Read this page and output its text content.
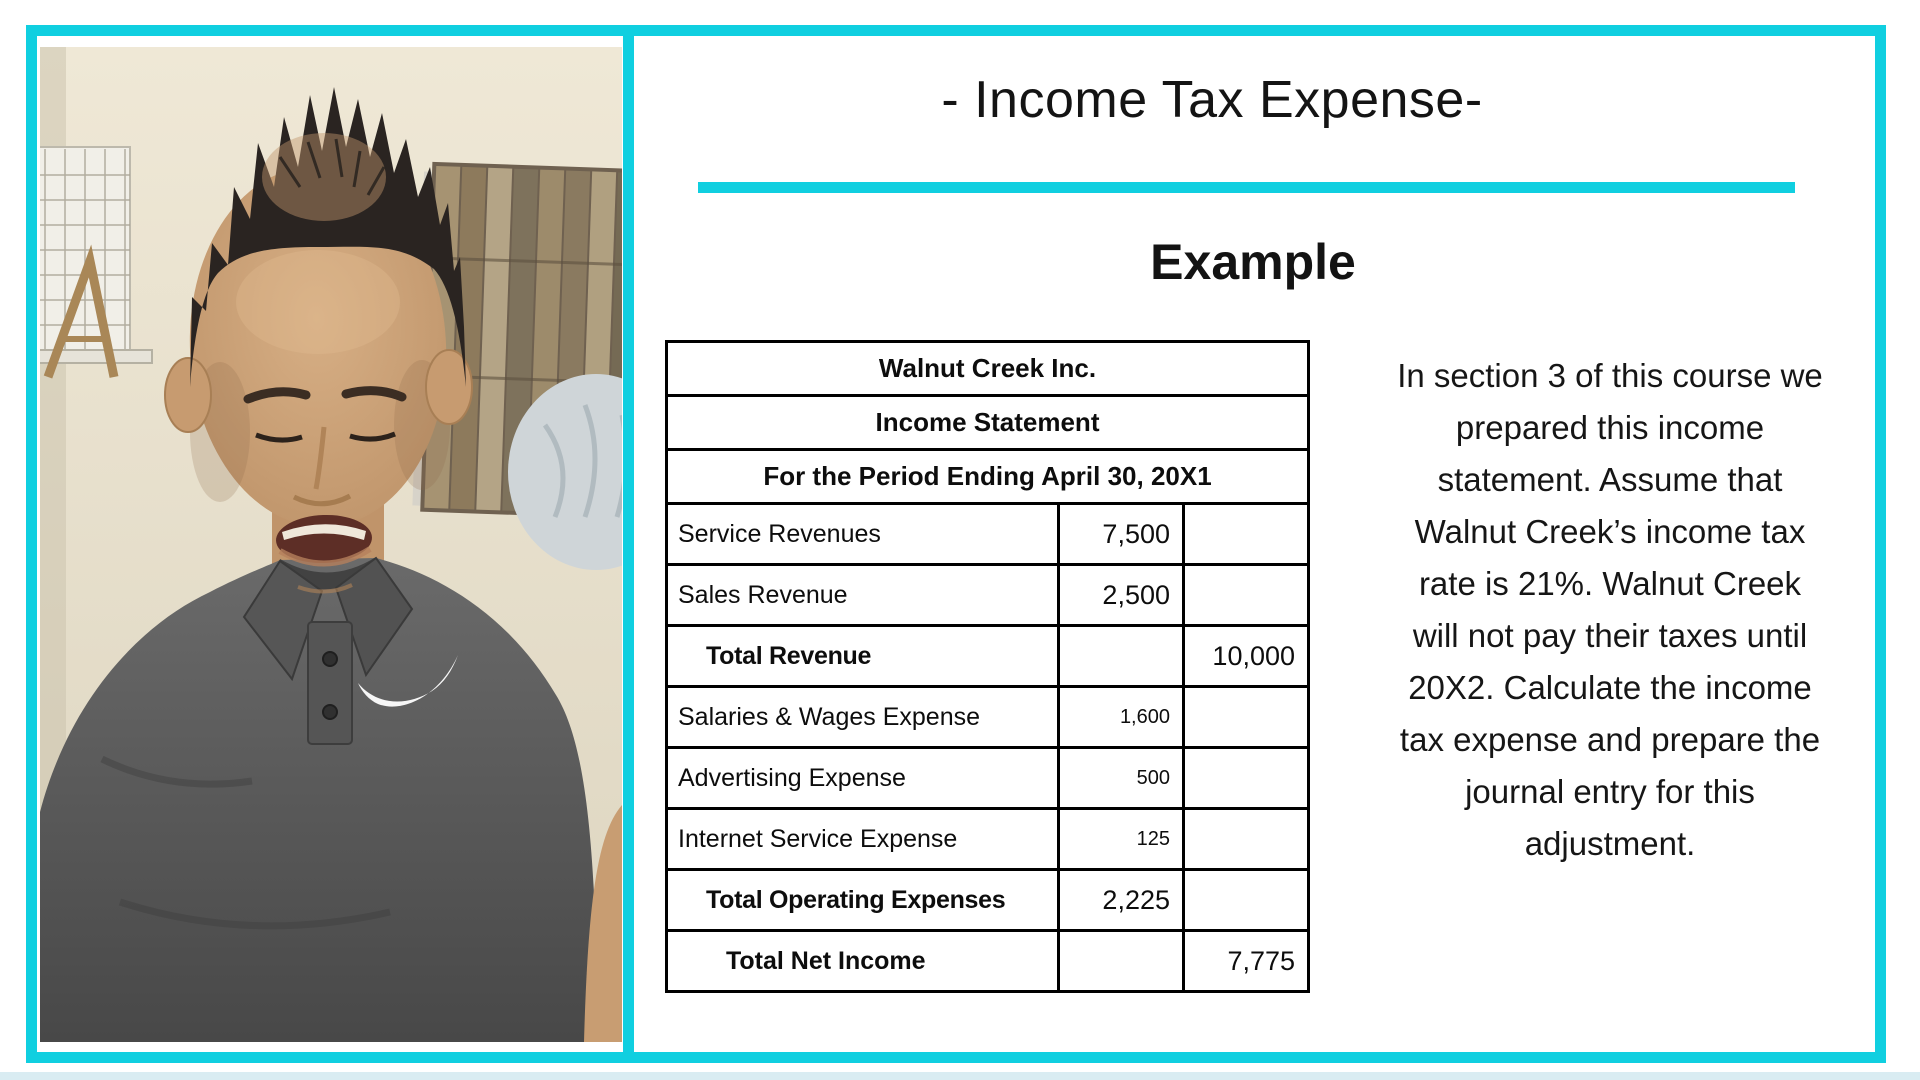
- Income Tax Expense-
Example
Walnut Creek Inc.		
Income Statement		
For the Period Ending April 30, 20X1		
Service Revenues	7,500	
Sales Revenue	2,500	
Total Revenue		10,000
Salaries & Wages Expense	1,600	
Advertising Expense	500	
Internet Service Expense	125	
Total Operating Expenses	2,225	
Total Net Income		7,775
In section 3 of this course we
prepared this income
statement. Assume that
Walnut Creek’s income tax
rate is 21%. Walnut Creek
will not pay their taxes until
20X2. Calculate the income
tax expense and prepare the
journal entry for this
adjustment.
